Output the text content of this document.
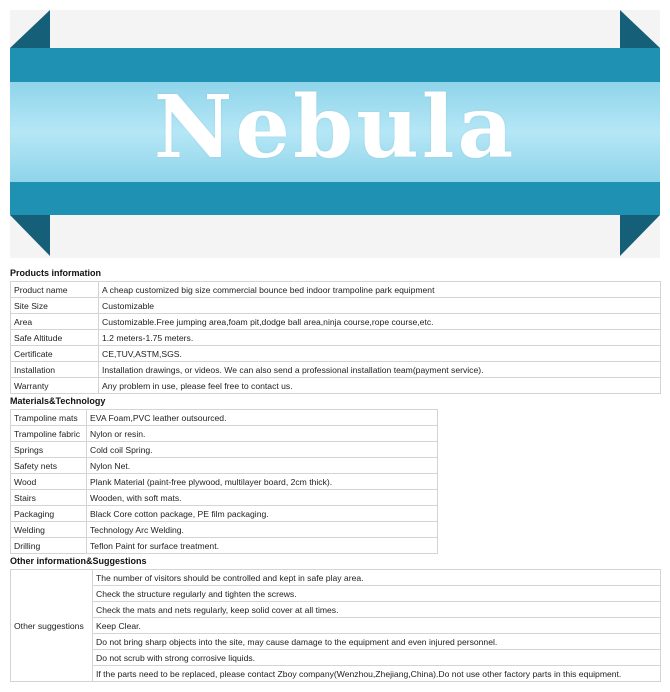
Nebula
Products information
Product name	A cheap customized big size commercial bounce bed indoor trampoline park equipment
Site Size	Customizable
Area	Customizable.Free jumping area,foam pit,dodge ball area,ninja course,rope course,etc.
Safe Altitude	1.2 meters-1.75 meters.
Certificate	CE,TUV,ASTM,SGS.
Installation	Installation drawings, or videos. We can also send a professional installation team(payment service).
Warranty	Any problem in use, please feel free to contact us.
Materials&Technology
Trampoline mats	EVA Foam,PVC leather outsourced.
Trampoline fabric	Nylon or resin.
Springs	Cold coil Spring.
Safety nets	Nylon Net.
Wood	Plank Material (paint-free plywood, multilayer board, 2cm thick).
Stairs	Wooden, with soft mats.
Packaging	Black Core cotton package, PE film packaging.
Welding	Technology Arc Welding.
Drilling	Teflon Paint for surface treatment.
Other information&Suggestions
Other suggestions	The number of visitors should be controlled and kept in safe play area.
Check the structure regularly and tighten the screws.
Check the mats and nets regularly, keep solid cover at all times.
Keep Clear.
Do not bring sharp objects into the site, may cause damage to the equipment and even injured personnel.
Do not scrub with strong corrosive liquids.
If the parts need to be replaced, please contact Zboy company(Wenzhou,Zhejiang,China).Do not use other factory parts in this equipment.
